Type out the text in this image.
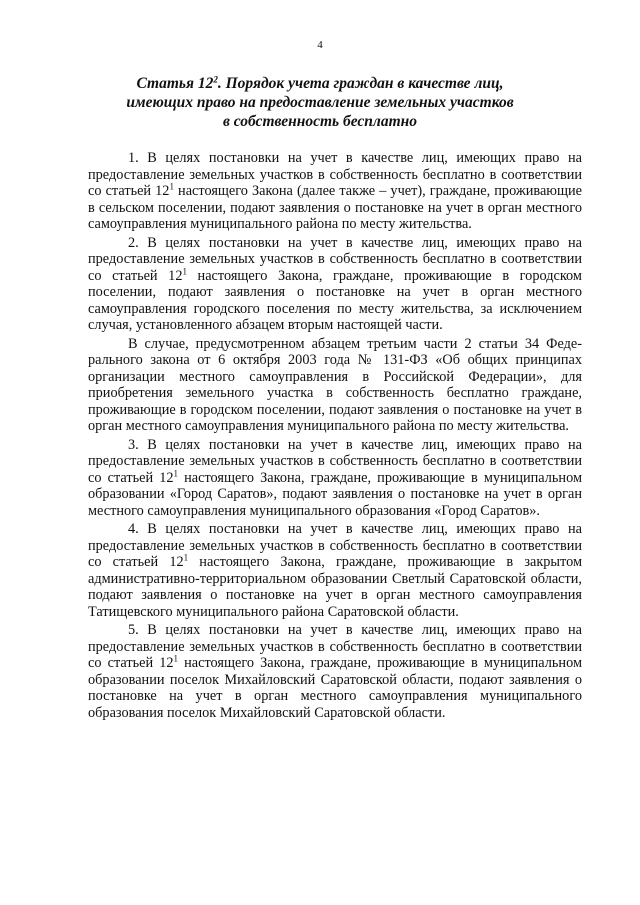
4
Статья $12^2$. Порядок учета граждан в качестве лиц,
имеющих право на предоставление земельных участков
в собственность бесплатно

1. В целях постановки на учет в качестве лиц, имеющих право на предоставление земельных участков в собственность бесплатно в соответствии со статьей $12^1$ настоящего Закона (далее также – учет), граждане, проживающие в сельском поселении, подают заявления о постановке на учет в орган местного самоуправления муниципального района по месту жительства.

2. В целях постановки на учет в качестве лиц, имеющих право на предоставление земельных участков в собственность бесплатно в соответствии со статьей $12^1$ настоящего Закона, граждане, проживающие в городском поселении, подают заявления о постановке на учет в орган местного самоуправления городского поселения по месту жительства, за исключением случая, установленного абзацем вторым настоящей части.

В случае, предусмотренном абзацем третьим части 2 статьи 34 Федерального закона от 6 октября 2003 года № 131-ФЗ «Об общих принципах организации местного самоуправления в Российской Федерации», для приобретения земельного участка в собственность бесплатно граждане, проживающие в городском поселении, подают заявления о постановке на учет в орган местного самоуправления муниципального района по месту жительства.

3. В целях постановки на учет в качестве лиц, имеющих право на предоставление земельных участков в собственность бесплатно в соответствии со статьей $12^1$ настоящего Закона, граждане, проживающие в муниципальном образовании «Город Саратов», подают заявления о постановке на учет в орган местного самоуправления муниципального образования «Город Саратов».

4. В целях постановки на учет в качестве лиц, имеющих право на предоставление земельных участков в собственность бесплатно в соответствии со статьей $12^1$ настоящего Закона, граждане, проживающие в закрытом административно-территориальном образовании Светлый Саратовской области, подают заявления о постановке на учет в орган местного самоуправления Татищевского муниципального района Саратовской области.

5. В целях постановки на учет в качестве лиц, имеющих право на предоставление земельных участков в собственность бесплатно в соответствии со статьей $12^1$ настоящего Закона, граждане, проживающие в муниципальном образовании поселок Михайловский Саратовской области, подают заявления о постановке на учет в орган местного самоуправления муниципального образования поселок Михайловский Саратовской области.
